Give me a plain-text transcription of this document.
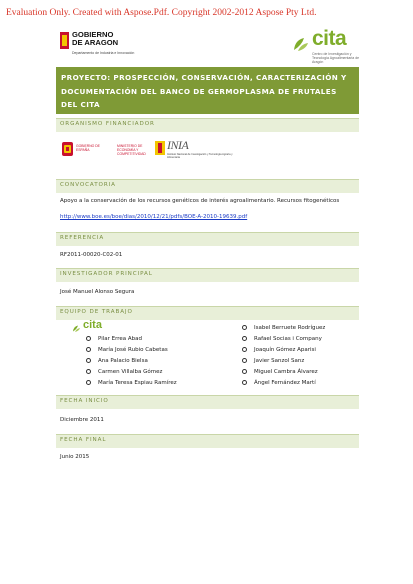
Evaluation Only. Created with Aspose.Pdf. Copyright 2002-2012 Aspose Pty Ltd.
GOBIERNO
DE ARAGON
Departamento de Industria e Innovación
cita
Centro de Investigación y Tecnología Agroalimentaria de Aragón
PROYECTO: PROSPECCIÓN, CONSERVACIÓN, CARACTERIZACIÓN Y
DOCUMENTACIÓN DEL BANCO DE GERMOPLASMA DE FRUTALES
DEL CITA
ORGANISMO FINANCIADOR
GOBIERNO DE ESPAÑA
MINISTERIO DE ECONOMÍA Y COMPETITIVIDAD
INIA
Instituto Nacional de Investigación y Tecnología Agraria y Alimentaria
CONVOCATORIA
Apoyo a la conservación de los recursos genéticos de interés agroalimentario. Recursos fitogenéticos
http://www.boe.es/boe/dias/2010/12/21/pdfs/BOE-A-2010-19639.pdf
REFERENCIA
RF2011-00020-C02-01
INVESTIGADOR PRINCIPAL
José Manuel Alonso Segura
EQUIPO DE TRABAJO
cita
Pilar Errea Abad
María José Rubio Cabetas
Ana Palacio Bielsa
Carmen Villalba Gómez
María Teresa Espiau Ramírez
Isabel Berruete Rodríguez
Rafael Socias i Company
Joaquín Gómez Aparisi
Javier Sanzol Sanz
Miguel Cambra Álvarez
Ángel Fernández Martí
FECHA INICIO
Diciembre 2011
FECHA FINAL
Junio 2015
